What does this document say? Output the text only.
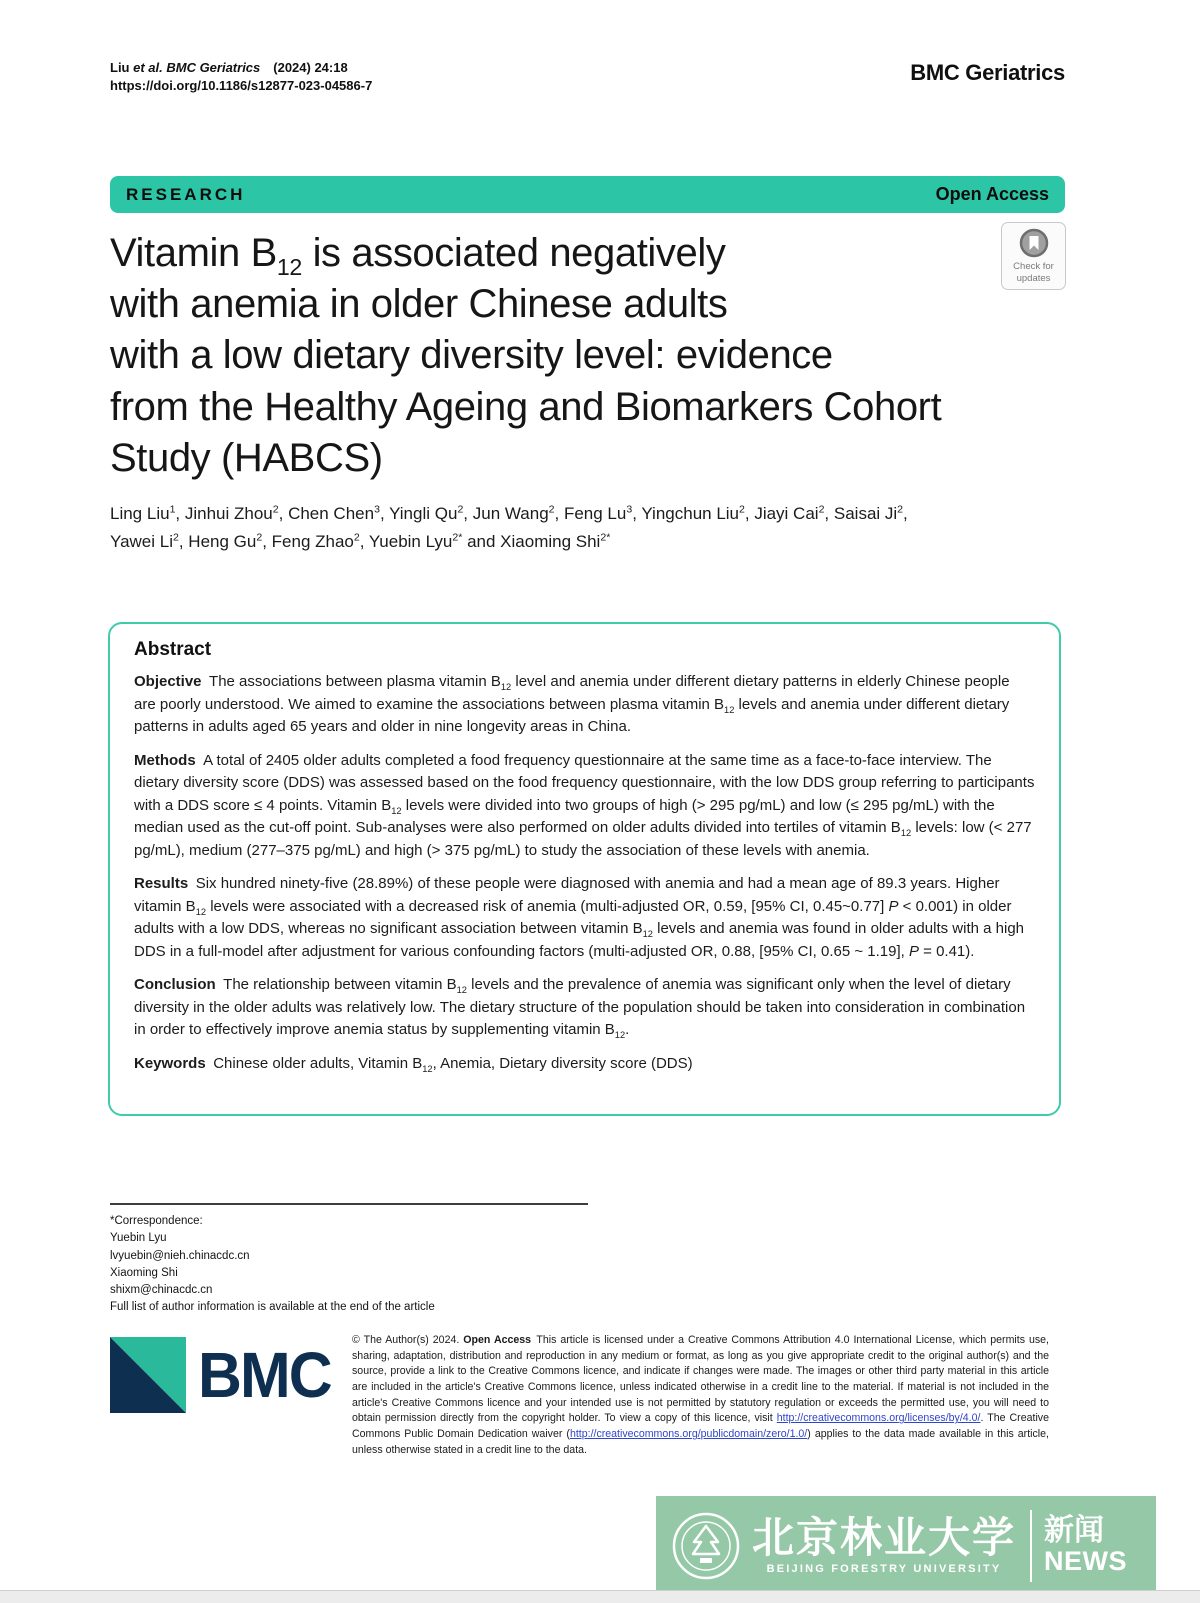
Liu et al. BMC Geriatrics  (2024) 24:18
https://doi.org/10.1186/s12877-023-04586-7
BMC Geriatrics
RESEARCH	Open Access
Check for
updates
Vitamin $B_{12}$ is associated negatively
with anemia in older Chinese adults
with a low dietary diversity level: evidence
from the Healthy Ageing and Biomarkers Cohort
Study (HABCS)

Ling Liu$^1$, Jinhui Zhou$^2$, Chen Chen$^3$, Yingli Qu$^2$, Jun Wang$^2$, Feng Lu$^3$, Yingchun Liu$^2$, Jiayi Cai$^2$, Saisai Ji$^2$,
Yawei Li$^2$, Heng Gu$^2$, Feng Zhao$^2$, Yuebin Lyu$^{2*}$ and Xiaoming Shi$^{2*}$

Abstract

Objective The associations between plasma vitamin $B_{12}$ level and anemia under different dietary patterns in elderly Chinese people are poorly understood. We aimed to examine the associations between plasma vitamin $B_{12}$ levels and anemia under different dietary patterns in adults aged 65 years and older in nine longevity areas in China.

Methods A total of 2405 older adults completed a food frequency questionnaire at the same time as a face-to-face interview. The dietary diversity score (DDS) was assessed based on the food frequency questionnaire, with the low DDS group referring to participants with a DDS score ≤ 4 points. Vitamin $B_{12}$ levels were divided into two groups of high (> 295 pg/mL) and low (≤ 295 pg/mL) with the median used as the cut-off point. Sub-analyses were also performed on older adults divided into tertiles of vitamin $B_{12}$ levels: low (< 277 pg/mL), medium (277–375 pg/mL) and high (> 375 pg/mL) to study the association of these levels with anemia.

Results Six hundred ninety-five (28.89%) of these people were diagnosed with anemia and had a mean age of 89.3 years. Higher vitamin $B_{12}$ levels were associated with a decreased risk of anemia (multi-adjusted OR, 0.59, [95% CI, 0.45~0.77] P < 0.001) in older adults with a low DDS, whereas no significant association between vitamin $B_{12}$ levels and anemia was found in older adults with a high DDS in a full-model after adjustment for various confounding factors (multi-adjusted OR, 0.88, [95% CI, 0.65 ~ 1.19], P = 0.41).

Conclusion The relationship between vitamin $B_{12}$ levels and the prevalence of anemia was significant only when the level of dietary diversity in the older adults was relatively low. The dietary structure of the population should be taken into consideration in combination in order to effectively improve anemia status by supplementing vitamin $B_{12}$.

Keywords Chinese older adults, Vitamin $B_{12}$, Anemia, Dietary diversity score (DDS)

*Correspondence:
Yuebin Lyu
lvyuebin@nieh.chinacdc.cn
Xiaoming Shi
shixm@chinacdc.cn
Full list of author information is available at the end of the article
BMC © The Author(s) 2024. Open Access This article is licensed under a Creative Commons Attribution 4.0 International License, which permits use, sharing, adaptation, distribution and reproduction in any medium or format, as long as you give appropriate credit to the original author(s) and the source, provide a link to the Creative Commons licence, and indicate if changes were made. The images or other third party material in this article are included in the article's Creative Commons licence, unless indicated otherwise in a credit line to the material. If material is not included in the article's Creative Commons licence and your intended use is not permitted by statutory regulation or exceeds the permitted use, you will need to obtain permission directly from the copyright holder. To view a copy of this licence, visit http://creativecommons.org/licenses/by/4.0/. The Creative Commons Public Domain Dedication waiver (http://creativecommons.org/publicdomain/zero/1.0/) applies to the data made available in this article, unless otherwise stated in a credit line to the data.
北京林业大学
BEIJING FORESTRY UNIVERSITY
新闻
NEWS
